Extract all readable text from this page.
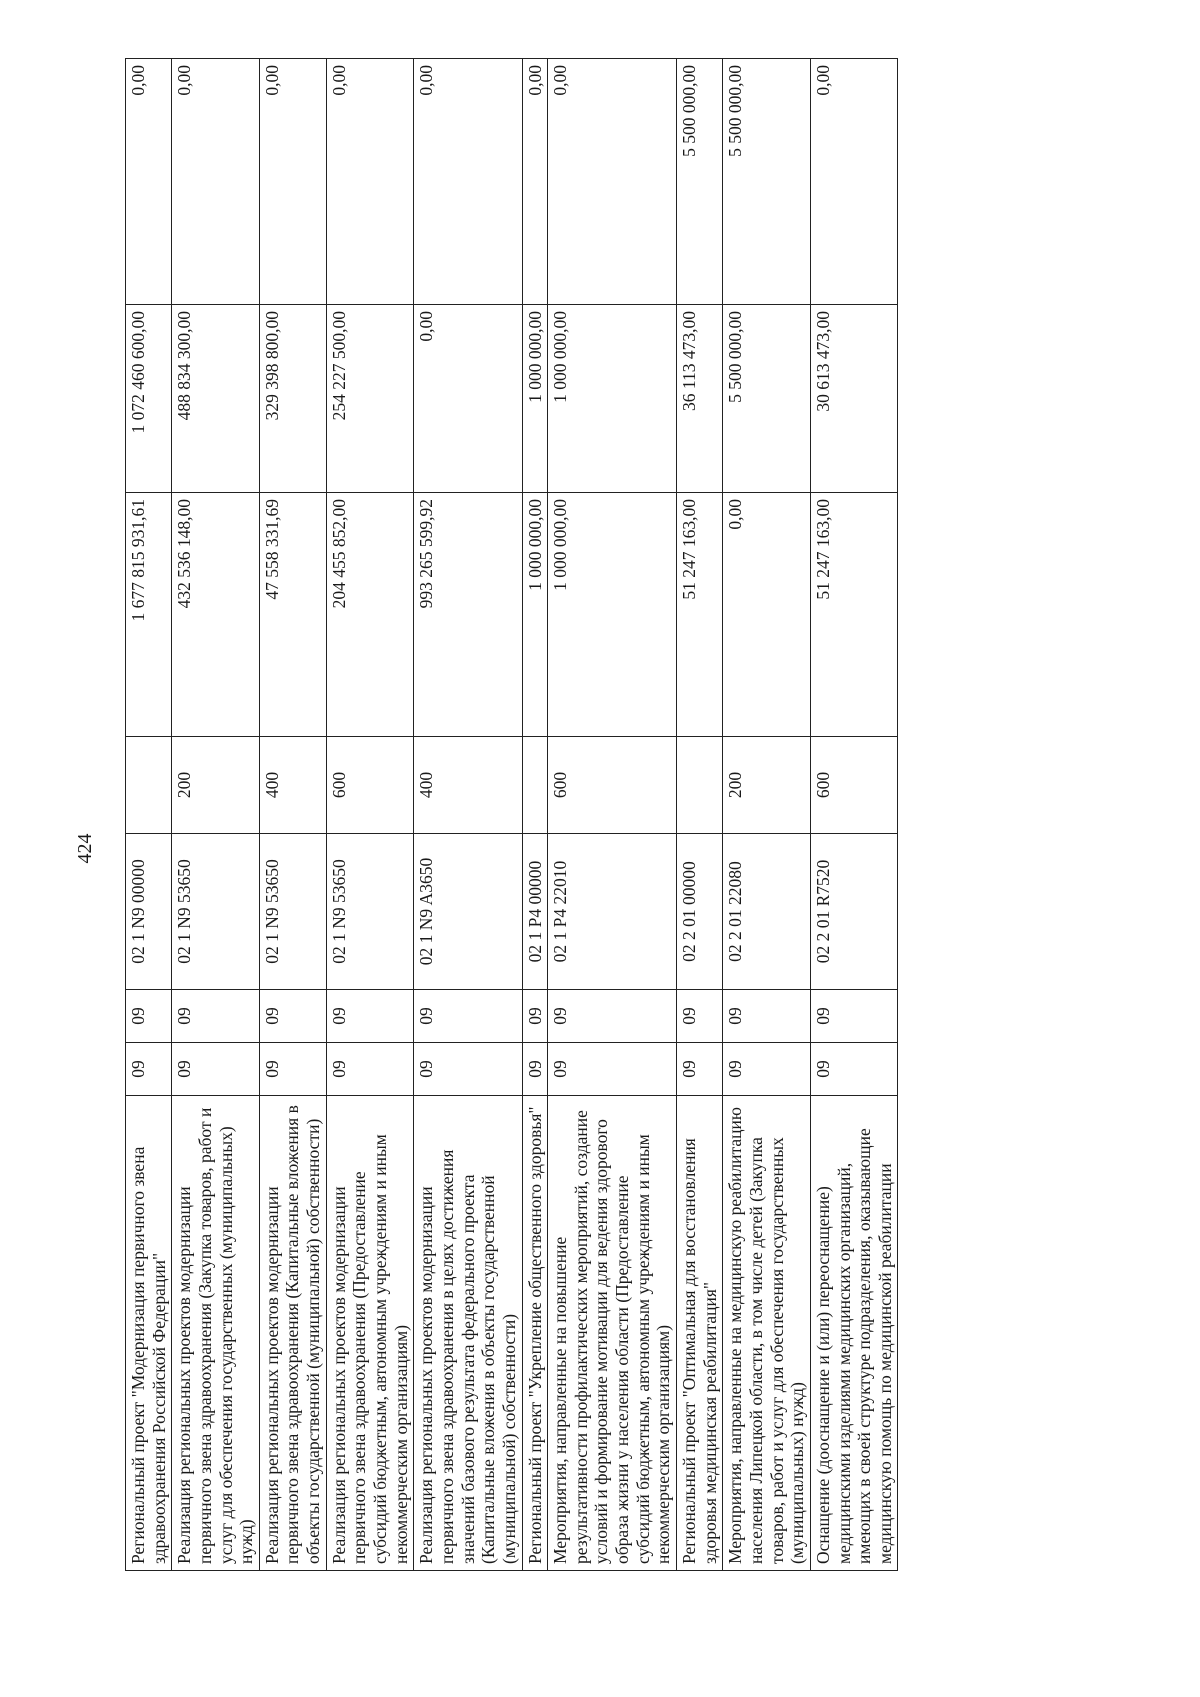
424
Региональный проект "Модернизация первичного звена здравоохранения Российской Федерации"	09	09	02 1 N9 00000		1 677 815 931,61	1 072 460 600,00	0,00
Реализация региональных проектов модернизации первичного звена здравоохранения (Закупка товаров, работ и услуг для обеспечения государственных (муниципальных) нужд)	09	09	02 1 N9 53650	200	432 536 148,00	488 834 300,00	0,00
Реализация региональных проектов модернизации первичного звена здравоохранения (Капитальные вложения в объекты государственной (муниципальной) собственности)	09	09	02 1 N9 53650	400	47 558 331,69	329 398 800,00	0,00
Реализация региональных проектов модернизации первичного звена здравоохранения (Предоставление субсидий бюджетным, автономным учреждениям и иным некоммерческим организациям)	09	09	02 1 N9 53650	600	204 455 852,00	254 227 500,00	0,00
Реализация региональных проектов модернизации первичного звена здравоохранения в целях достижения значений базового результата федерального проекта (Капитальные вложения в объекты государственной (муниципальной) собственности)	09	09	02 1 N9 A3650	400	993 265 599,92	0,00	0,00
Региональный проект "Укрепление общественного здоровья"	09	09	02 1 P4 00000		1 000 000,00	1 000 000,00	0,00
Мероприятия, направленные на повышение результативности профилактических мероприятий, создание условий и формирование мотивации для ведения здорового образа жизни у населения области (Предоставление субсидий бюджетным, автономным учреждениям и иным некоммерческим организациям)	09	09	02 1 P4 22010	600	1 000 000,00	1 000 000,00	0,00
Региональный проект "Оптимальная для восстановления здоровья медицинская реабилитация"	09	09	02 2 01 00000		51 247 163,00	36 113 473,00	5 500 000,00
Мероприятия, направленные на медицинскую реабилитацию населения Липецкой области, в том числе детей (Закупка товаров, работ и услуг для обеспечения государственных (муниципальных) нужд)	09	09	02 2 01 22080	200	0,00	5 500 000,00	5 500 000,00
Оснащение (дооснащение и (или) переоснащение) медицинскими изделиями медицинских организаций, имеющих в своей структуре подразделения, оказывающие медицинскую помощь по медицинской реабилитации	09	09	02 2 01 R7520	600	51 247 163,00	30 613 473,00	0,00
